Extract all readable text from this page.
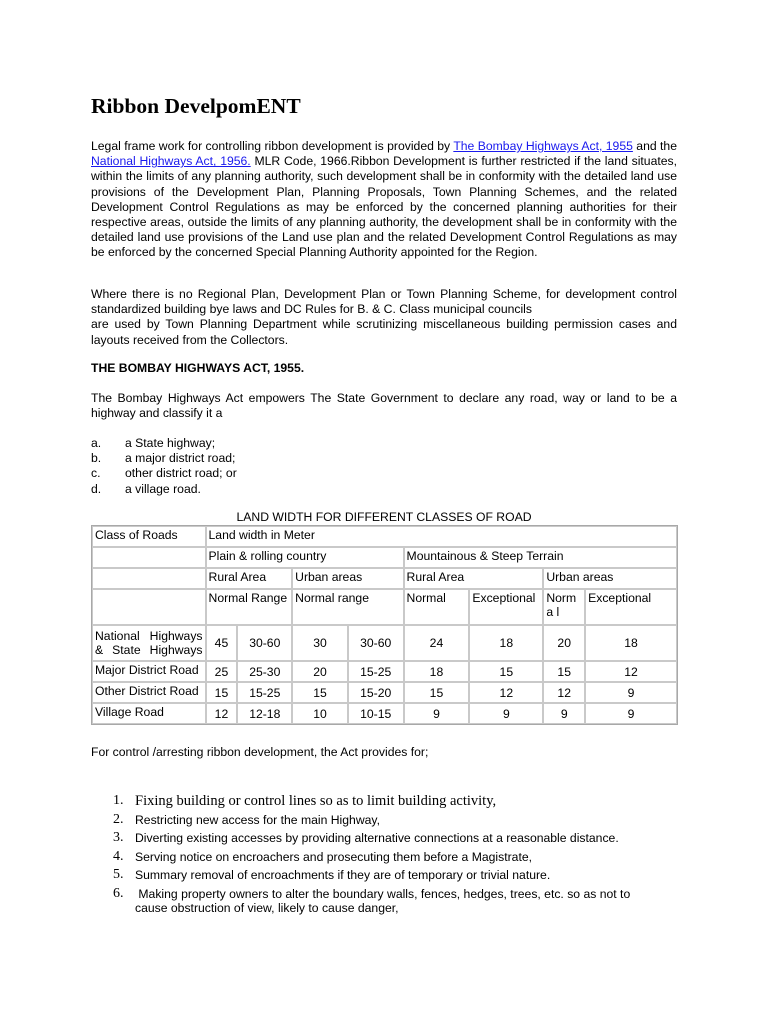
Ribbon DevelpomENT

Legal frame work for controlling ribbon development is provided by The Bombay Highways Act, 1955 and the National Highways Act, 1956. MLR Code, 1966.Ribbon Development is further restricted if the land situates, within the limits of any planning authority, such development shall be in conformity with the detailed land use provisions of the Development Plan, Planning Proposals, Town Planning Schemes, and the related Development Control Regulations as may be enforced by the concerned planning authorities for their respective areas, outside the limits of any planning authority, the development shall be in conformity with the detailed land use provisions of the Land use plan and the related Development Control Regulations as may be enforced by the concerned Special Planning Authority appointed for the Region.

Where there is no Regional Plan, Development Plan or Town Planning Scheme, for development control standardized building bye laws and DC Rules for B. & C. Class municipal councils
are used by Town Planning Department while scrutinizing miscellaneous building permission cases and layouts received from the Collectors.

THE BOMBAY HIGHWAYS ACT, 1955.

The Bombay Highways Act empowers The State Government to declare any road, way or land to be a highway and classify it a

a.	a State highway;
b.	a major district road;
c.	other district road; or
d.	a village road.
LAND WIDTH FOR DIFFERENT CLASSES OF ROAD
Class of Roads	Land width in Meter							
	Plain & rolling country				Mountainous & Steep Terrain			
	Rural Area		Urban areas		Rural Area		Urban areas	
	Normal Range		Normal range		Normal	Exceptional	Norma l	Exceptional
National Highways & State Highways	45	30-60	30	30-60	24	18	20	18
Major District Road	25	25-30	20	15-25	18	15	15	12
Other District Road	15	15-25	15	15-20	15	12	12	9
Village Road	12	12-18	10	10-15	9	9	9	9

For control /arresting ribbon development, the Act provides for;

1. Fixing building or control lines so as to limit building activity,
2. Restricting new access for the main Highway,
3. Diverting existing accesses by providing alternative connections at a reasonable distance.
4. Serving notice on encroachers and prosecuting them before a Magistrate,
5. Summary removal of encroachments if they are of temporary or trivial nature.
6. Making property owners to alter the boundary walls, fences, hedges, trees, etc. so as not to cause obstruction of view, likely to cause danger,
